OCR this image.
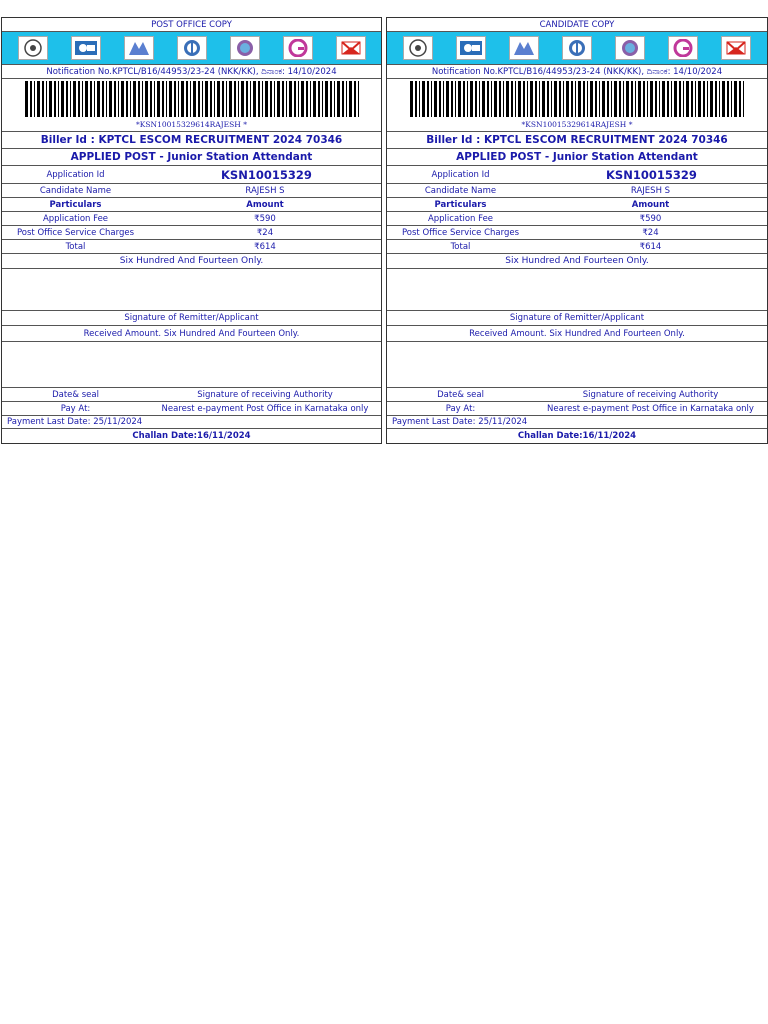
POST OFFICE COPY
Notification No.KPTCL/B16/44953/23-24 (NKK/KK), ದಿನಾಂಕ: 14/10/2024
*KSN10015329614RAJESH *
Biller Id : KPTCL ESCOM RECRUITMENT 2024 70346
APPLIED POST - Junior Station Attendant
Application Id	KSN10015329
Candidate Name	RAJESH S
Particulars	Amount
Application Fee	₹590
Post Office Service Charges	₹24
Total	₹614
Six Hundred And Fourteen Only.
Signature of Remitter/Applicant
Received Amount. Six Hundred And Fourteen Only.
Date& seal	Signature of receiving Authority
Pay At:	Nearest e-payment Post Office in Karnataka only
Payment Last Date: 25/11/2024
Challan Date:16/11/2024
CANDIDATE COPY
Notification No.KPTCL/B16/44953/23-24 (NKK/KK), ದಿನಾಂಕ: 14/10/2024
*KSN10015329614RAJESH *
Biller Id : KPTCL ESCOM RECRUITMENT 2024 70346
APPLIED POST - Junior Station Attendant
Application Id	KSN10015329
Candidate Name	RAJESH S
Particulars	Amount
Application Fee	₹590
Post Office Service Charges	₹24
Total	₹614
Six Hundred And Fourteen Only.
Signature of Remitter/Applicant
Received Amount. Six Hundred And Fourteen Only.
Date& seal	Signature of receiving Authority
Pay At:	Nearest e-payment Post Office in Karnataka only
Payment Last Date: 25/11/2024
Challan Date:16/11/2024
